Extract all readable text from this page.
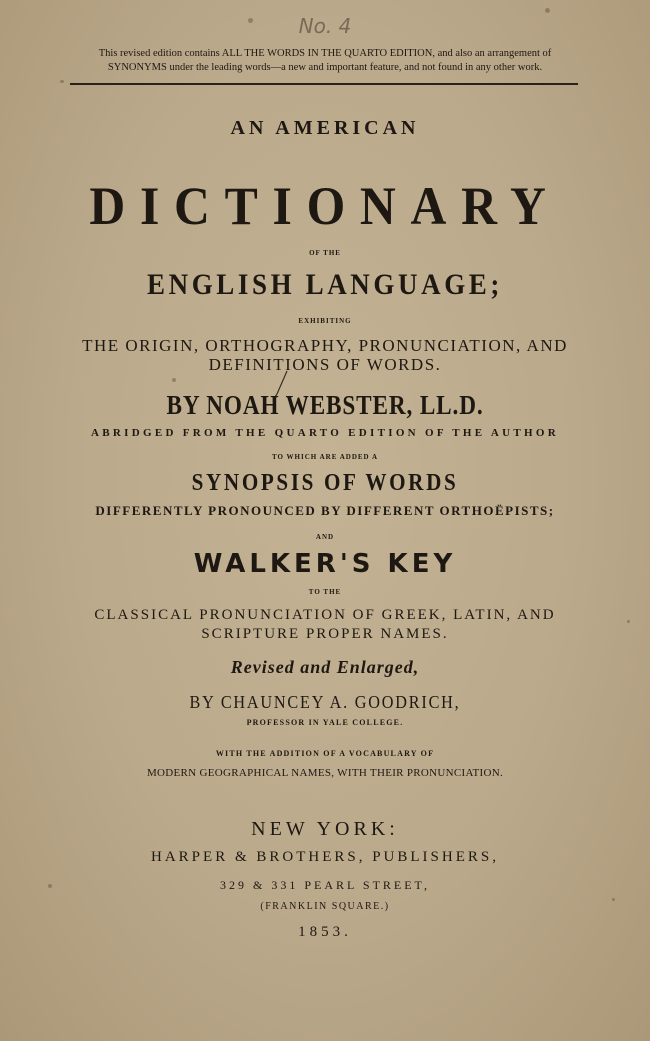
No. 4
This revised edition contains ALL THE WORDS IN THE QUARTO EDITION, and also an arrangement of
SYNONYMS under the leading words—a new and important feature, and not found in any other work.
AN AMERICAN
DICTIONARY
OF THE
ENGLISH LANGUAGE;
EXHIBITING
THE ORIGIN, ORTHOGRAPHY, PRONUNCIATION, AND
DEFINITIONS OF WORDS.
BY NOAH WEBSTER, LL.D.
ABRIDGED FROM THE QUARTO EDITION OF THE AUTHOR
TO WHICH ARE ADDED A
SYNOPSIS OF WORDS
DIFFERENTLY PRONOUNCED BY DIFFERENT ORTHOËPISTS;
AND
WALKER'S KEY
TO THE
CLASSICAL PRONUNCIATION OF GREEK, LATIN, AND
SCRIPTURE PROPER NAMES.
Revised and Enlarged,
BY CHAUNCEY A. GOODRICH,
PROFESSOR IN YALE COLLEGE.
WITH THE ADDITION OF A VOCABULARY OF
MODERN GEOGRAPHICAL NAMES, WITH THEIR PRONUNCIATION.
NEW YORK:
HARPER & BROTHERS, PUBLISHERS,
329 & 331 PEARL STREET,
(FRANKLIN SQUARE.)
1853.
